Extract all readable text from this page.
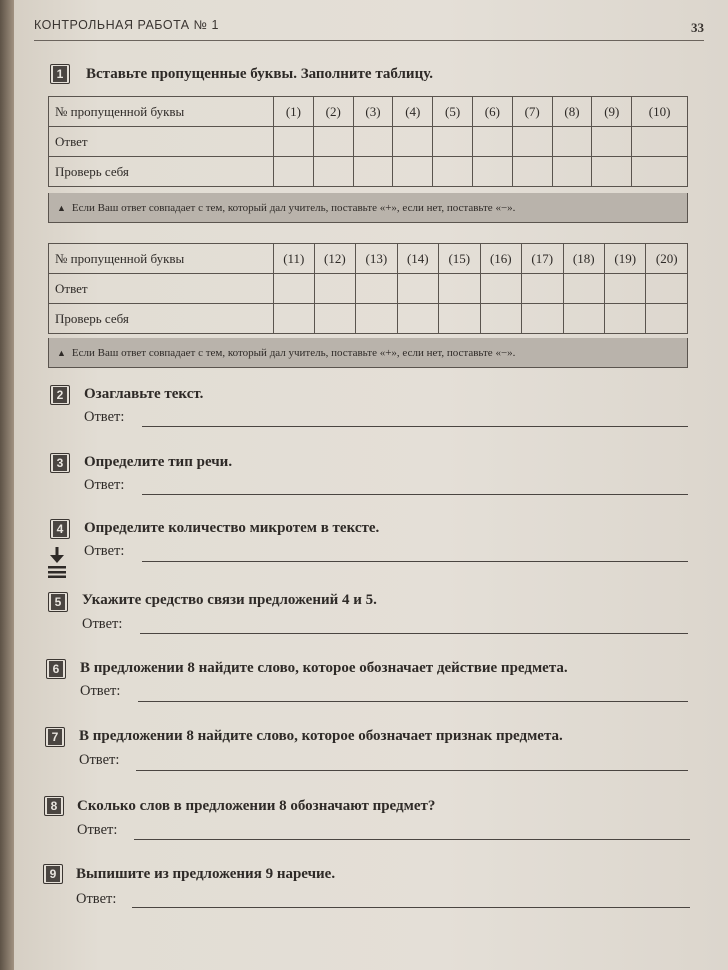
КОНТРОЛЬНАЯ РАБОТА № 1	33
1 Вставьте пропущенные буквы. Заполните таблицу.
№ пропущенной буквы	(1)	(2)	(3)	(4)	(5)	(6)	(7)	(8)	(9)	(10)
Ответ										
Проверь себя										
▲ Если Ваш ответ совпадает с тем, который дал учитель, поставьте «+», если нет, поставьте «−».
№ пропущенной буквы	(11)	(12)	(13)	(14)	(15)	(16)	(17)	(18)	(19)	(20)
Ответ										
Проверь себя										
▲ Если Ваш ответ совпадает с тем, который дал учитель, поставьте «+», если нет, поставьте «−».
2 Озаглавьте текст.
Ответ:
3 Определите тип речи.
Ответ:
4 Определите количество микротем в тексте.
Ответ:
5 Укажите средство связи предложений 4 и 5.
Ответ:
6 В предложении 8 найдите слово, которое обозначает действие предмета.
Ответ:
7 В предложении 8 найдите слово, которое обозначает признак предмета.
Ответ:
8 Сколько слов в предложении 8 обозначают предмет?
Ответ:
9 Выпишите из предложения 9 наречие.
Ответ:
